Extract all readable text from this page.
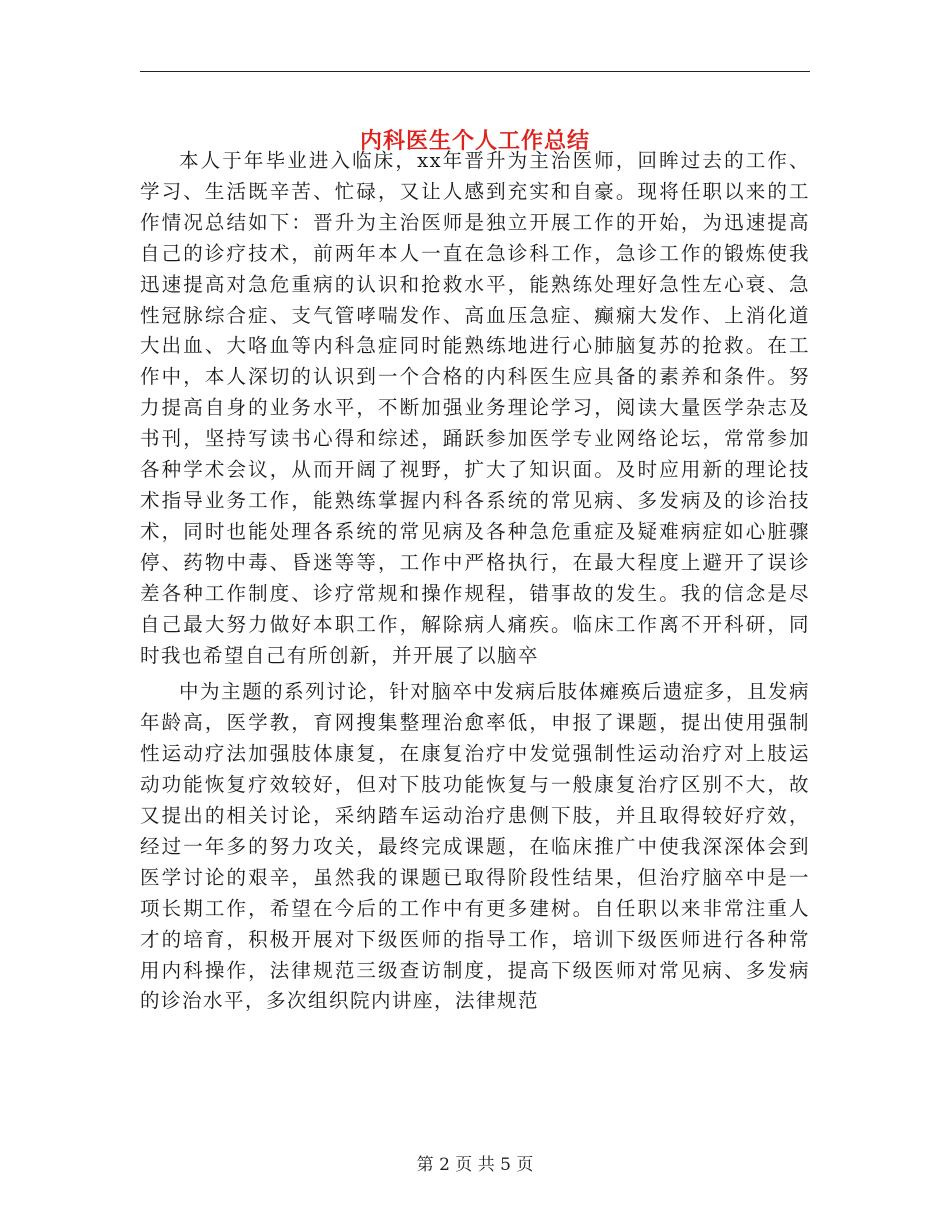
内科医生个人工作总结

本人于年毕业进入临床，xx年晋升为主治医师，回眸过去的工作、学习、生活既辛苦、忙碌，又让人感到充实和自豪。现将任职以来的工作情况总结如下：晋升为主治医师是独立开展工作的开始，为迅速提高自己的诊疗技术，前两年本人一直在急诊科工作，急诊工作的锻炼使我迅速提高对急危重病的认识和抢救水平，能熟练处理好急性左心衰、急性冠脉综合症、支气管哮喘发作、高血压急症、癫痫大发作、上消化道大出血、大咯血等内科急症同时能熟练地进行心肺脑复苏的抢救。在工作中，本人深切的认识到一个合格的内科医生应具备的素养和条件。努力提高自身的业务水平，不断加强业务理论学习，阅读大量医学杂志及书刊，坚持写读书心得和综述，踊跃参加医学专业网络论坛，常常参加各种学术会议，从而开阔了视野，扩大了知识面。及时应用新的理论技术指导业务工作，能熟练掌握内科各系统的常见病、多发病及的诊治技术，同时也能处理各系统的常见病及各种急危重症及疑难病症如心脏骤停、药物中毒、昏迷等等，工作中严格执行，在最大程度上避开了误诊差各种工作制度、诊疗常规和操作规程，错事故的发生。我的信念是尽自己最大努力做好本职工作，解除病人痛疾。临床工作离不开科研，同时我也希望自己有所创新，并开展了以脑卒

中为主题的系列讨论，针对脑卒中发病后肢体瘫痪后遗症多，且发病年龄高，医学教，育网搜集整理治愈率低，申报了课题，提出使用强制性运动疗法加强肢体康复，在康复治疗中发觉强制性运动治疗对上肢运动功能恢复疗效较好，但对下肢功能恢复与一般康复治疗区别不大，故又提出的相关讨论，采纳踏车运动治疗患侧下肢，并且取得较好疗效，经过一年多的努力攻关，最终完成课题，在临床推广中使我深深体会到医学讨论的艰辛，虽然我的课题已取得阶段性结果，但治疗脑卒中是一项长期工作，希望在今后的工作中有更多建树。自任职以来非常注重人才的培育，积极开展对下级医师的指导工作，培训下级医师进行各种常用内科操作，法律规范三级查访制度，提高下级医师对常见病、多发病的诊治水平，多次组织院内讲座，法律规范

第 2 页 共 5 页
